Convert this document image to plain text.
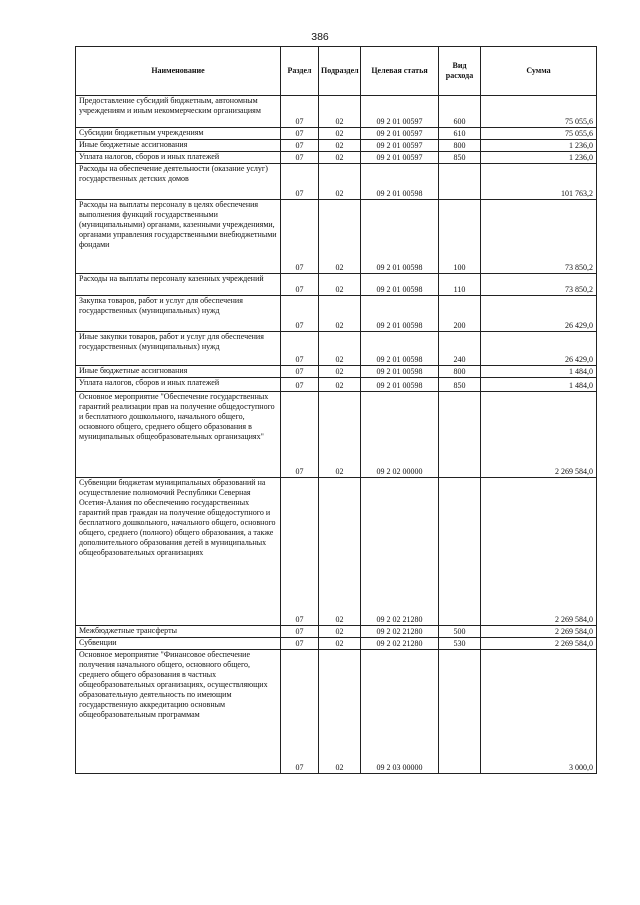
386
Наименование	Раздел	Подраздел	Целевая статья	Вид расхода	Сумма
Предоставление субсидий бюджетным, автономным учреждениям и иным некоммерческим организациям	07	02	09 2 01 00597	600	75 055,6
Субсидии бюджетным учреждениям	07	02	09 2 01 00597	610	75 055,6
Иные бюджетные ассигнования	07	02	09 2 01 00597	800	1 236,0
Уплата налогов, сборов и иных платежей	07	02	09 2 01 00597	850	1 236,0
Расходы на обеспечение деятельности (оказание услуг) государственных детских домов	07	02	09 2 01 00598		101 763,2
Расходы на выплаты персоналу в целях обеспечения выполнения функций государственными (муниципальными) органами, казенными учреждениями, органами управления государственными внебюджетными фондами	07	02	09 2 01 00598	100	73 850,2
Расходы на выплаты персоналу казенных учреждений	07	02	09 2 01 00598	110	73 850,2
Закупка товаров, работ и услуг для обеспечения государственных (муниципальных) нужд	07	02	09 2 01 00598	200	26 429,0
Иные закупки товаров, работ и услуг для обеспечения государственных (муниципальных) нужд	07	02	09 2 01 00598	240	26 429,0
Иные бюджетные ассигнования	07	02	09 2 01 00598	800	1 484,0
Уплата налогов, сборов и иных платежей	07	02	09 2 01 00598	850	1 484,0
Основное мероприятие "Обеспечение государственных гарантий реализации прав на получение общедоступного и бесплатного дошкольного, начального общего, основного общего, среднего общего образования в муниципальных общеобразовательных организациях"	07	02	09 2 02 00000		2 269 584,0
Субвенции бюджетам муниципальных образований на осуществление полномочий Республики Северная Осетия-Алания по обеспечению государственных гарантий прав граждан на получение общедоступного и бесплатного дошкольного, начального общего, основного общего, среднего (полного) общего образования, а также дополнительного образования детей в муниципальных общеобразовательных организациях	07	02	09 2 02 21280		2 269 584,0
Межбюджетные трансферты	07	02	09 2 02 21280	500	2 269 584,0
Субвенции	07	02	09 2 02 21280	530	2 269 584,0
Основное мероприятие "Финансовое обеспечение получения начального общего, основного общего, среднего общего образования в частных общеобразовательных организациях, осуществляющих образовательную деятельность по имеющим государственную аккредитацию основным общеобразовательным программам	07	02	09 2 03 00000		3 000,0
